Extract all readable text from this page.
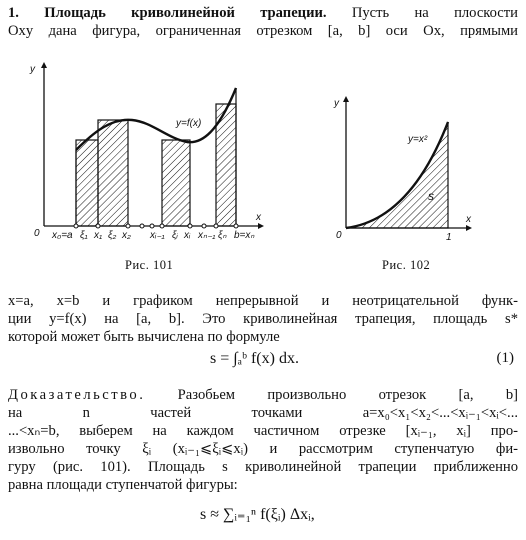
1. Площадь криволинейной трапеции. Пусть на плоскости
Oxy дана фигура, ограниченная отрезком [a, b] оси Ox, прямыми
y
x
0
y=f(x)
x₀=a ξ₁ x₁ ξ₂ x₂ xᵢ₋₁ ξᵢ xᵢ xₙ₋₁ ξₙ b=xₙ
Рис. 101
y
x
0
y=x²
s
1
Рис. 102
x=a, x=b и графиком непрерывной и неотрицательной функ-
ции y=f(x) на [a, b]. Это криволинейная трапеция, площадь s*
которой может быть вычислена по формуле
s = ∫ₐᵇ f(x) dx.	(1)
Доказательство. Разобьем произвольно отрезок [a, b]
на n частей точками a=x₀<x₁<x₂<...<xᵢ₋₁<xᵢ<...
...<xₙ=b, выберем на каждом частичном отрезке [xᵢ₋₁, xᵢ] про-
извольно точку ξᵢ (xᵢ₋₁⩽ξᵢ⩽xᵢ) и рассмотрим ступенчатую фи-
гуру (рис. 101). Площадь s криволинейной трапеции приближенно
равна площади ступенчатой фигуры:
s ≈ ∑ᵢ₌₁ⁿ f(ξᵢ) Δxᵢ,
